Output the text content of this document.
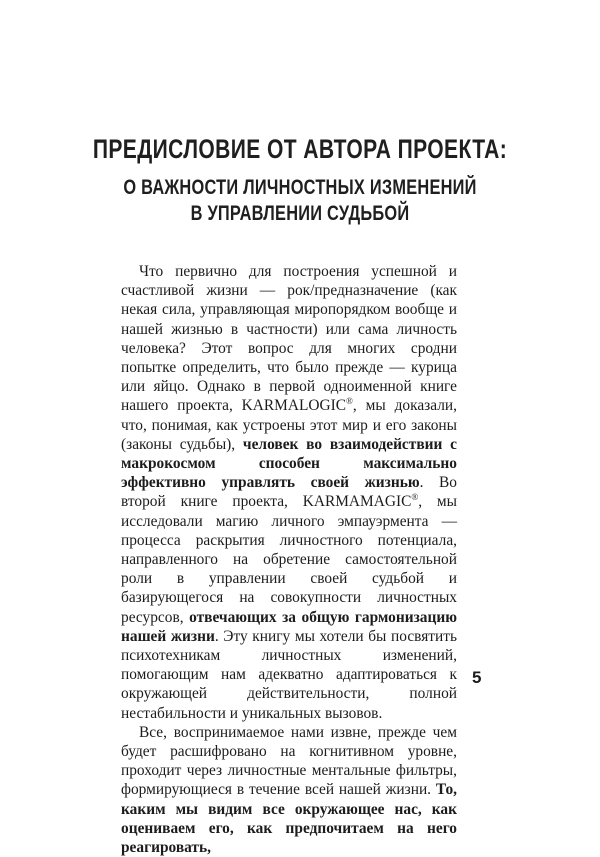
ПРЕДИСЛОВИЕ ОТ АВТОРА ПРОЕКТА:
О ВАЖНОСТИ ЛИЧНОСТНЫХ ИЗМЕНЕНИЙ
В УПРАВЛЕНИИ СУДЬБОЙ

Что первично для построения успешной и счастливой жизни — рок/предназначение (как некая сила, управляющая миропорядком вообще и нашей жизнью в частности) или сама личность человека? Этот вопрос для многих сродни попытке определить, что было прежде — курица или яйцо. Однако в первой одноименной книге нашего проекта, KARMALOGIC®, мы доказали, что, понимая, как устроены этот мир и его законы (законы судьбы), человек во взаимодействии с макрокосмом способен максимально эффективно управлять своей жизнью. Во второй книге проекта, KARMAMAGIC®, мы исследовали магию личного эмпауэрмента — процесса раскрытия личностного потенциала, направленного на обретение самостоятельной роли в управлении своей судьбой и базирующегося на совокупности личностных ресурсов, отвечающих за общую гармонизацию нашей жизни. Эту книгу мы хотели бы посвятить психотехникам личностных изменений, помогающим нам адекватно адаптироваться к окружающей действительности, полной нестабильности и уникальных вызовов.

Все, воспринимаемое нами извне, прежде чем будет расшифровано на когнитивном уровне, проходит через личностные ментальные фильтры, формирующиеся в течение всей нашей жизни. То, каким мы видим все окружающее нас, как оцениваем его, как предпочитаем на него реагировать,

5
